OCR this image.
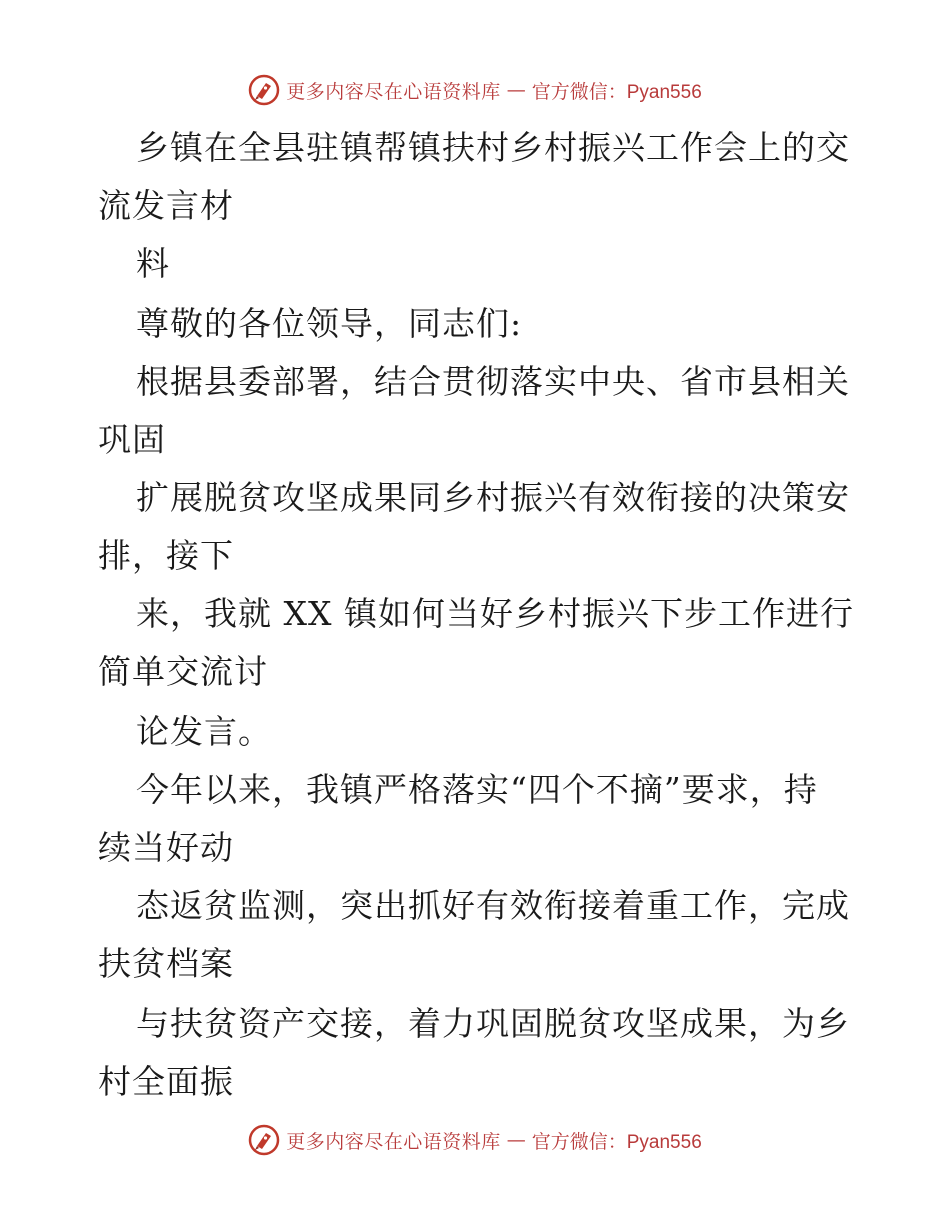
更多内容尽在心语资料库 — 官方微信：Pyan556
乡镇在全县驻镇帮镇扶村乡村振兴工作会上的交
流发言材
料
尊敬的各位领导，同志们:
根据县委部署，结合贯彻落实中央、省市县相关
巩固
扩展脱贫攻坚成果同乡村振兴有效衔接的决策安
排，接下
来，我就 XX 镇如何当好乡村振兴下步工作进行
简单交流讨
论发言。
今年以来，我镇严格落实“四个不摘”要求，持
续当好动
态返贫监测，突出抓好有效衔接着重工作，完成
扶贫档案
与扶贫资产交接，着力巩固脱贫攻坚成果，为乡
村全面振
更多内容尽在心语资料库 — 官方微信：Pyan556
